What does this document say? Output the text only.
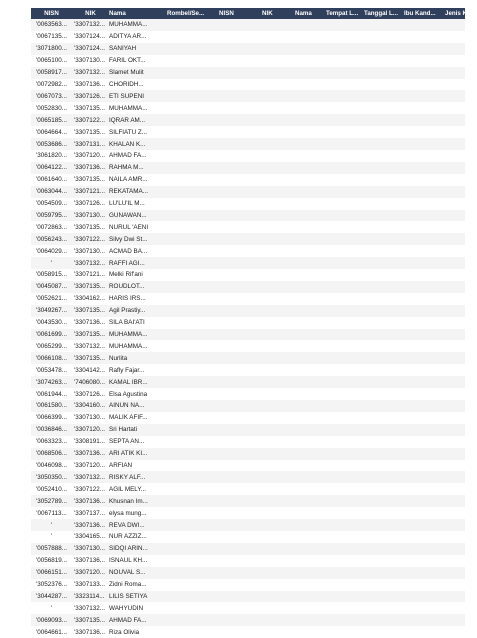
NISN	NIK	Nama	Rombel/Se...	NISN	NIK	Nama	Tempat L... Tanggal L... Ibu Kand...	Jenis Kel...
'0063563...	'3307132... MUHAMMA...
'0067135...	'3307124... ADITYA AR...
'3071800...	'3307124... SANIYAH
'0065100...	'3307130... FARIL OKT...
'0058917...	'3307132... Slamet Mulit
'0072982...	'3307136... CHORIDH...
'0067073...	'3307126... ETI SUPENI
'0052830...	'3307135... MUHAMMA...
'0065185...	'3307122... IQRAR AM...
'0064664...	'3307135... SILFIATU Z...
'0053686...	'3307131... KHALAN K...
'3061820...	'3307120... AHMAD FA...
'0064122...	'3307136... RAHMA M...
'0061640...	'3307135... NAILA AMR...
'0063044...	'3307121... REKATAMA...
'0054509...	'3307126... LU'LU'IL M...
'0059795...	'3307130... GUNAWAN...
'0072863...	'3307135... NURUL 'AENI
'0056243...	'3307122... Silvy Dwi St...
'0064029...	'3307130... ACMAD BA...
'	'3307132... RAFFI AGI...
'0058915...	'3307121... Melki Rif'ani
'0045087...	'3307135... ROUDLOT...
'0052621...	'3304162... HARIS IRS...
'3049267...	'3307135... Agil Prastiy...
'0043530...	'3307136... SILA BAI'ATI
'0061699...	'3307135... MUHAMMA...
'0065299...	'3307132... MUHAMMA...
'0066108...	'3307135... Nurlita
'0053478...	'3304142... Rafly Fajar...
'3074263...	'7406080... KAMAL IBR...
'0061944...	'3307126... Elsa Agustina
'0061580...	'3304160... AINUN NA...
'0066399...	'3307130... MALIK AFIF...
'0036846...	'3307120... Sri Hartati
'0063323...	'3308191... SEPTA AN...
'0068506...	'3307136... ARI ATIK KI...
'0046098...	'3307120... ARFIAN
'3050350...	'3307132... RISKY ALF...
'0052410...	'3307122... AGIL MELY...
'3052789...	'3307136... Khusnan Im...
'0067113...	'3307137... elysa mung...
'	'3307136... REVA DWI...
'	'3304165... NUR AZZIZ...
'0057888...	'3307130... SIDQI ARIN...
'0056819...	'3307136... ISNAUL KH...
'0066151...	'3307120... NOUVAL S...
'3052376...	'3307133... Zidni Roma...
'3044287...	'3323114... LILIS SETIYA
'	'3307132... WAHYUDIN
'0069093...	'3307135... AHMAD FA...
'0064661...	'3307136... Riza Olivia
